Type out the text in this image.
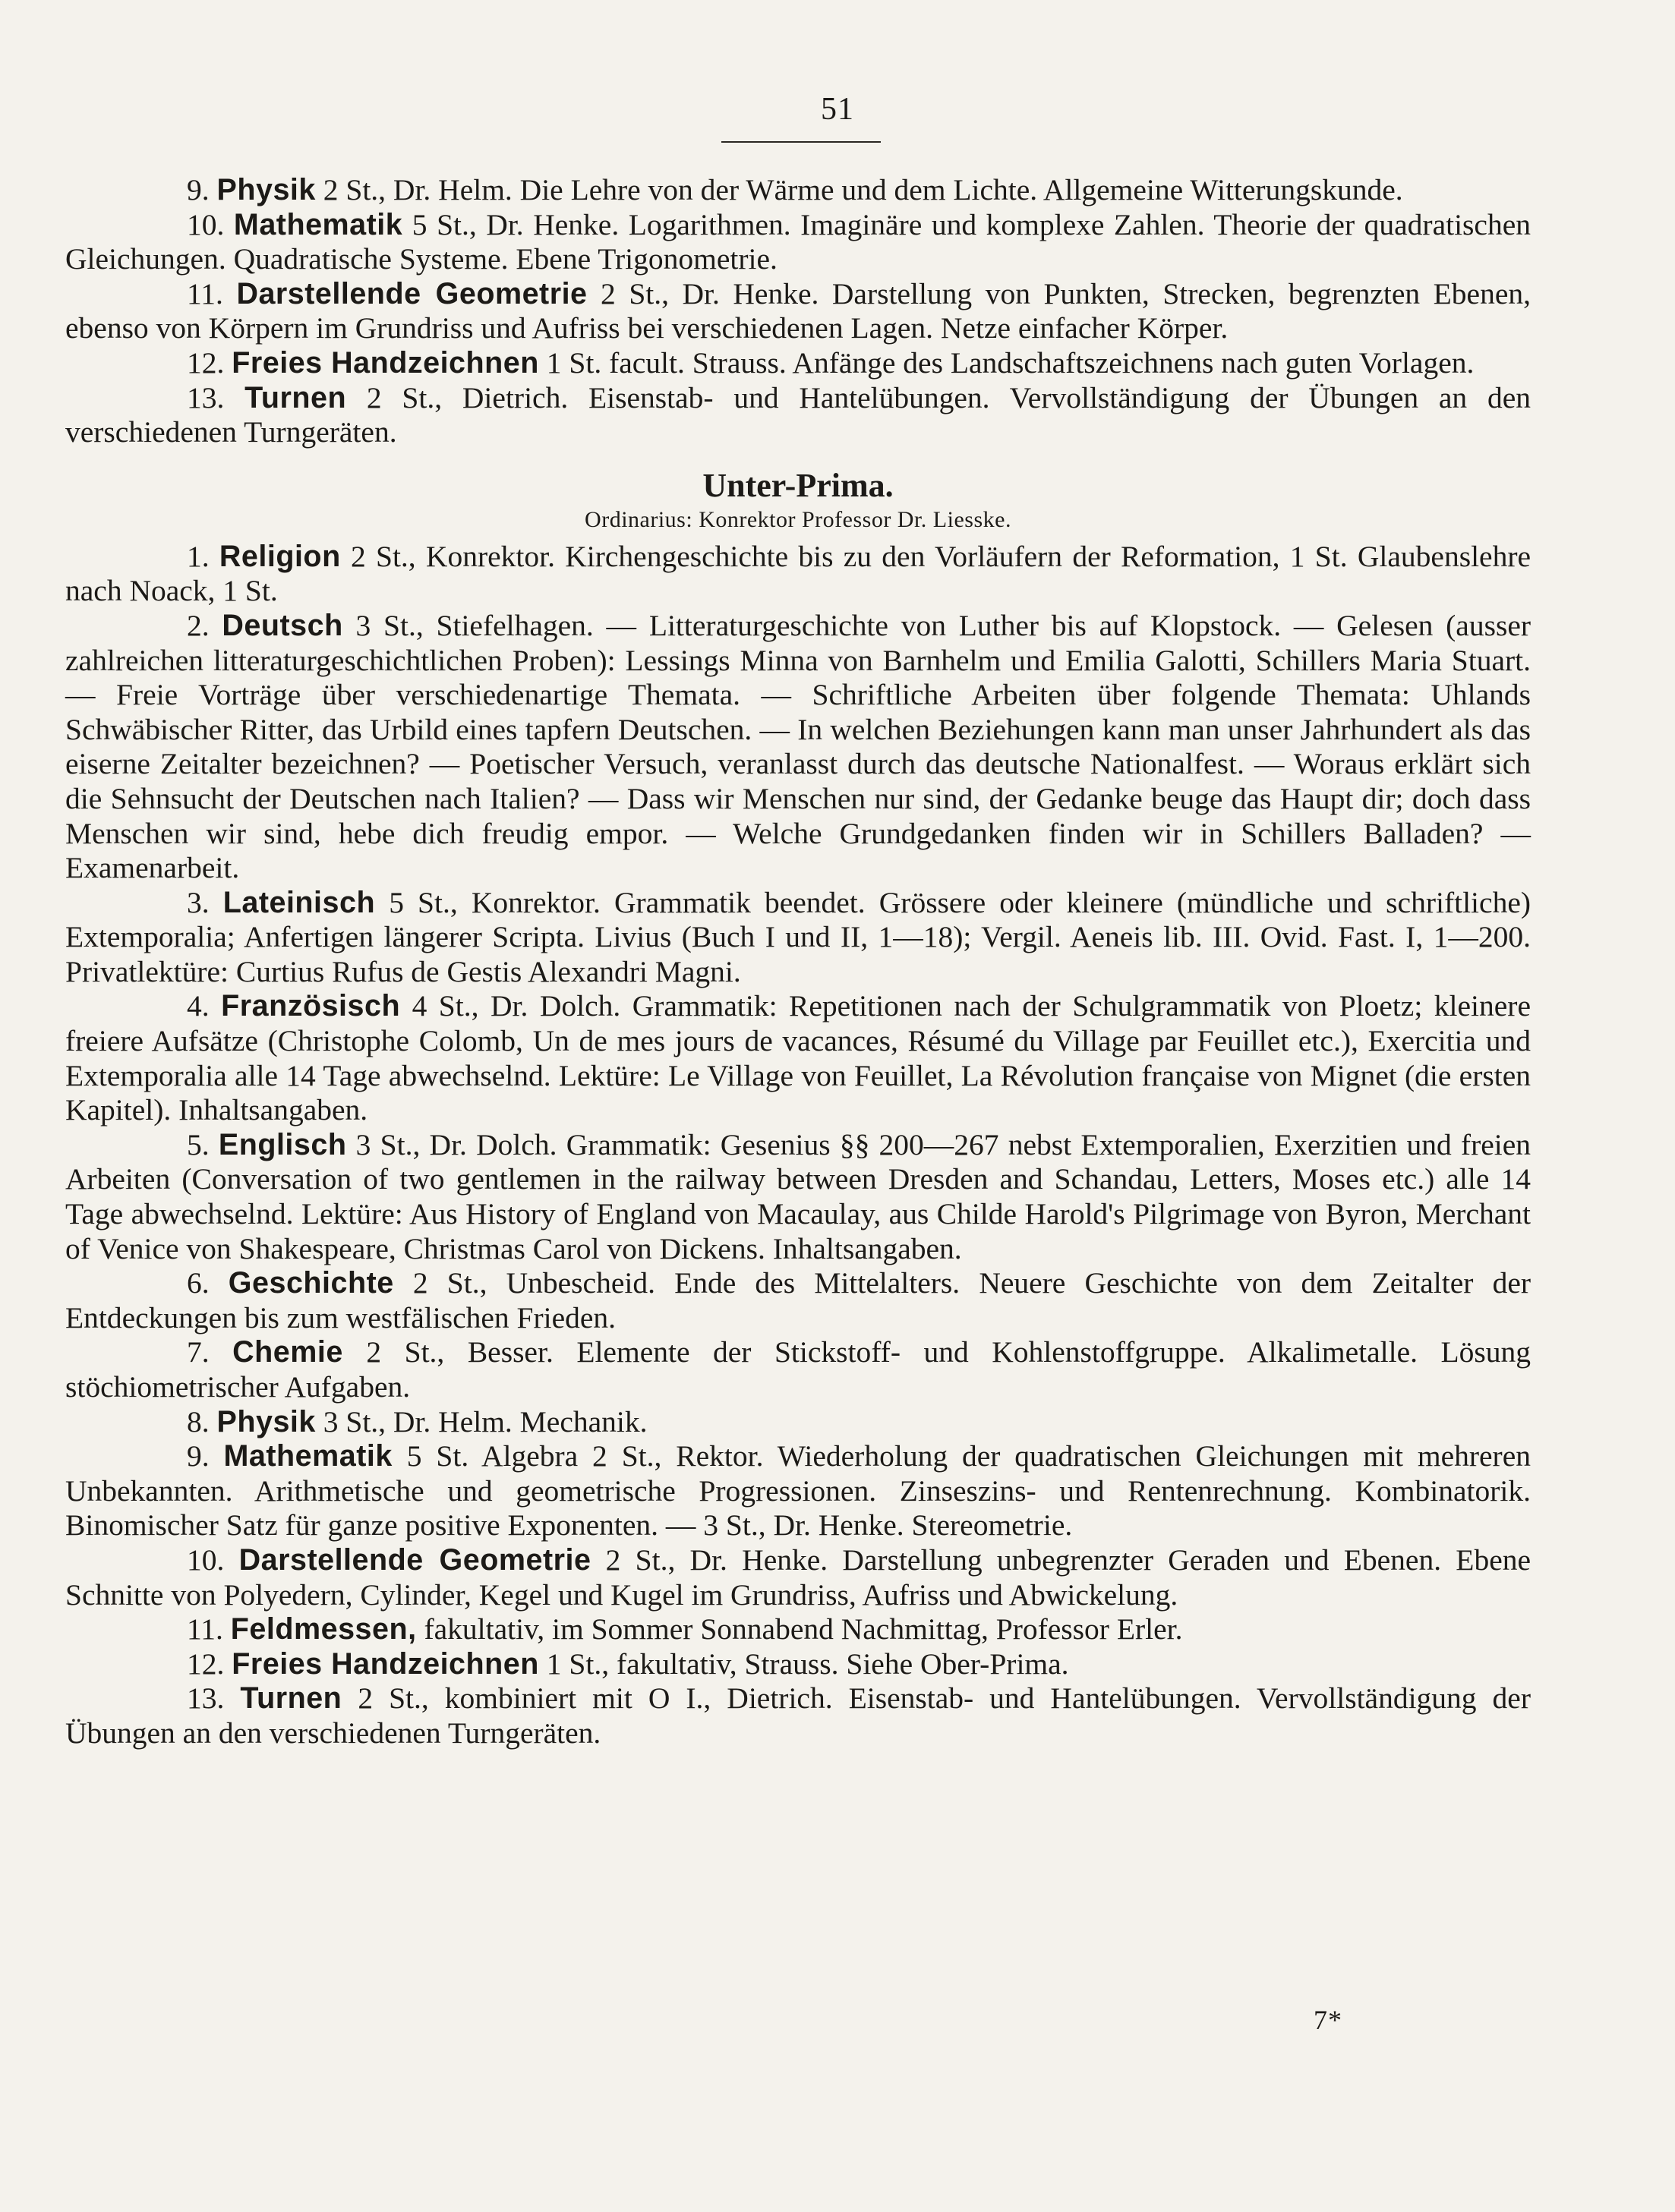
51

9. Physik 2 St., Dr. Helm. Die Lehre von der Wärme und dem Lichte. Allgemeine Witterungskunde.

10. Mathematik 5 St., Dr. Henke. Logarithmen. Imaginäre und komplexe Zahlen. Theorie der quadratischen Gleichungen. Quadratische Systeme. Ebene Trigonometrie.

11. Darstellende Geometrie 2 St., Dr. Henke. Darstellung von Punkten, Strecken, begrenzten Ebenen, ebenso von Körpern im Grundriss und Aufriss bei verschiedenen Lagen. Netze einfacher Körper.

12. Freies Handzeichnen 1 St. facult. Strauss. Anfänge des Landschaftszeichnens nach guten Vorlagen.

13. Turnen 2 St., Dietrich. Eisenstab- und Hantelübungen. Vervollständigung der Übungen an den verschiedenen Turngeräten.

Unter-Prima.
Ordinarius: Konrektor Professor Dr. Liesske.

1. Religion 2 St., Konrektor. Kirchengeschichte bis zu den Vorläufern der Reformation, 1 St. Glaubenslehre nach Noack, 1 St.

2. Deutsch 3 St., Stiefelhagen. — Litteraturgeschichte von Luther bis auf Klopstock. — Gelesen (ausser zahlreichen litteraturgeschichtlichen Proben): Lessings Minna von Barnhelm und Emilia Galotti, Schillers Maria Stuart. — Freie Vorträge über verschiedenartige Themata. — Schriftliche Arbeiten über folgende Themata: Uhlands Schwäbischer Ritter, das Urbild eines tapfern Deutschen. — In welchen Beziehungen kann man unser Jahrhundert als das eiserne Zeitalter bezeichnen? — Poetischer Versuch, veranlasst durch das deutsche Nationalfest. — Woraus erklärt sich die Sehnsucht der Deutschen nach Italien? — Dass wir Menschen nur sind, der Gedanke beuge das Haupt dir; doch dass Menschen wir sind, hebe dich freudig empor. — Welche Grundgedanken finden wir in Schillers Balladen? — Examenarbeit.

3. Lateinisch 5 St., Konrektor. Grammatik beendet. Grössere oder kleinere (mündliche und schriftliche) Extemporalia; Anfertigen längerer Scripta. Livius (Buch I und II, 1—18); Vergil. Aeneis lib. III. Ovid. Fast. I, 1—200. Privatlektüre: Curtius Rufus de Gestis Alexandri Magni.

4. Französisch 4 St., Dr. Dolch. Grammatik: Repetitionen nach der Schulgrammatik von Ploetz; kleinere freiere Aufsätze (Christophe Colomb, Un de mes jours de vacances, Résumé du Village par Feuillet etc.), Exercitia und Extemporalia alle 14 Tage abwechselnd. Lektüre: Le Village von Feuillet, La Révolution française von Mignet (die ersten Kapitel). Inhaltsangaben.

5. Englisch 3 St., Dr. Dolch. Grammatik: Gesenius §§ 200—267 nebst Extemporalien, Exerzitien und freien Arbeiten (Conversation of two gentlemen in the railway between Dresden and Schandau, Letters, Moses etc.) alle 14 Tage abwechselnd. Lektüre: Aus History of England von Macaulay, aus Childe Harold's Pilgrimage von Byron, Merchant of Venice von Shakespeare, Christmas Carol von Dickens. Inhaltsangaben.

6. Geschichte 2 St., Unbescheid. Ende des Mittelalters. Neuere Geschichte von dem Zeitalter der Entdeckungen bis zum westfälischen Frieden.

7. Chemie 2 St., Besser. Elemente der Stickstoff- und Kohlenstoffgruppe. Alkalimetalle. Lösung stöchiometrischer Aufgaben.

8. Physik 3 St., Dr. Helm. Mechanik.

9. Mathematik 5 St. Algebra 2 St., Rektor. Wiederholung der quadratischen Gleichungen mit mehreren Unbekannten. Arithmetische und geometrische Progressionen. Zinseszins- und Rentenrechnung. Kombinatorik. Binomischer Satz für ganze positive Exponenten. — 3 St., Dr. Henke. Stereometrie.

10. Darstellende Geometrie 2 St., Dr. Henke. Darstellung unbegrenzter Geraden und Ebenen. Ebene Schnitte von Polyedern, Cylinder, Kegel und Kugel im Grundriss, Aufriss und Abwickelung.

11. Feldmessen, fakultativ, im Sommer Sonnabend Nachmittag, Professor Erler.

12. Freies Handzeichnen 1 St., fakultativ, Strauss. Siehe Ober-Prima.

13. Turnen 2 St., kombiniert mit O I., Dietrich. Eisenstab- und Hantelübungen. Vervollständigung der Übungen an den verschiedenen Turngeräten.

7*
